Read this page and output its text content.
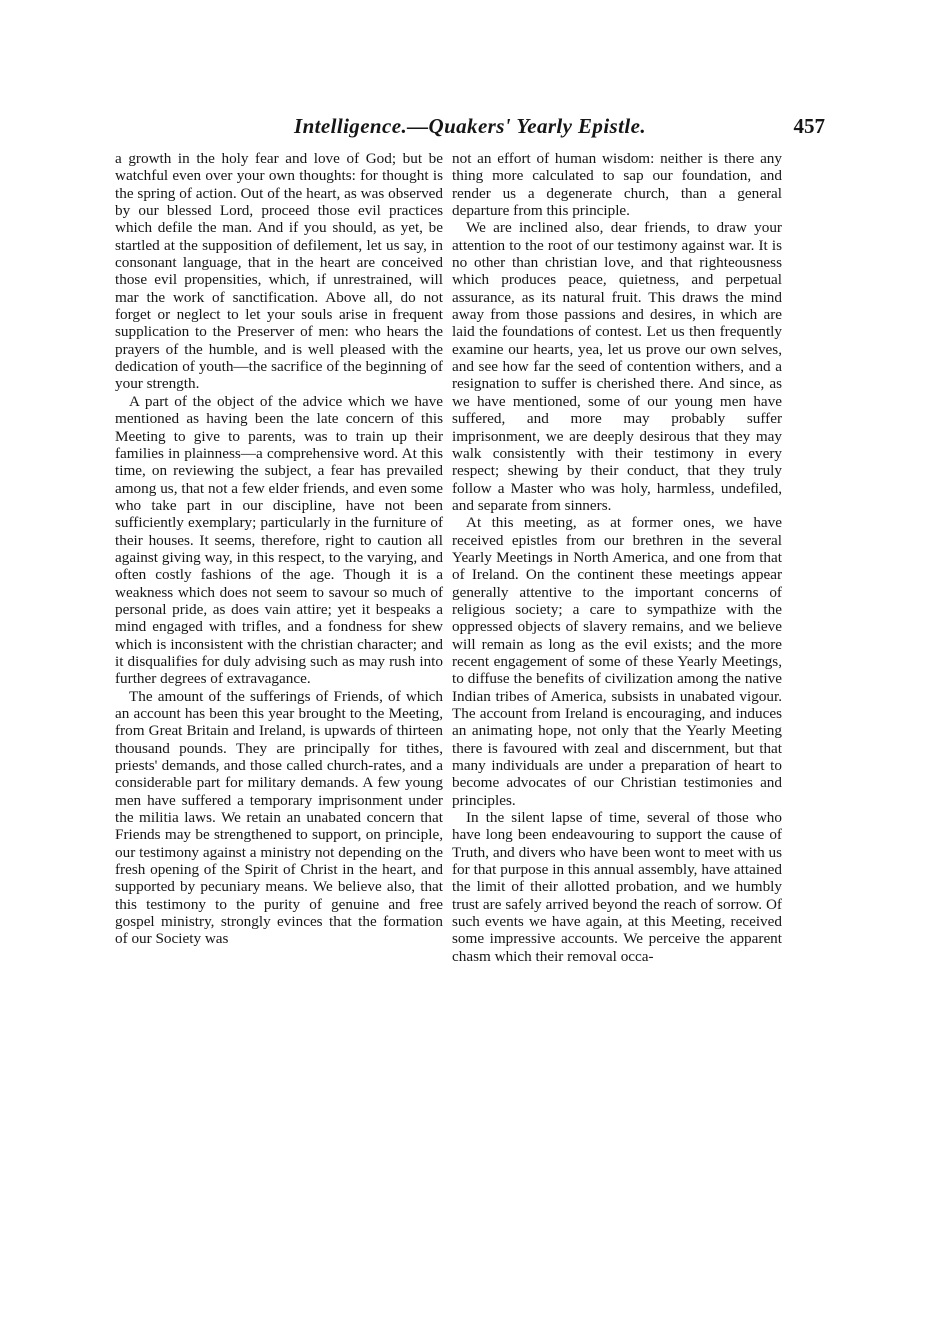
Intelligence.—Quakers' Yearly Epistle.	457

a growth in the holy fear and love of God; but be watchful even over your own thoughts: for thought is the spring of action. Out of the heart, as was observed by our blessed Lord, proceed those evil practices which defile the man. And if you should, as yet, be startled at the supposition of defilement, let us say, in consonant language, that in the heart are conceived those evil propensities, which, if unrestrained, will mar the work of sanctification. Above all, do not forget or neglect to let your souls arise in frequent supplication to the Preserver of men: who hears the prayers of the humble, and is well pleased with the dedication of youth—the sacrifice of the beginning of your strength.

A part of the object of the advice which we have mentioned as having been the late concern of this Meeting to give to parents, was to train up their families in plainness—a comprehensive word. At this time, on reviewing the subject, a fear has prevailed among us, that not a few elder friends, and even some who take part in our discipline, have not been sufficiently exemplary; particularly in the furniture of their houses. It seems, therefore, right to caution all against giving way, in this respect, to the varying, and often costly fashions of the age. Though it is a weakness which does not seem to savour so much of personal pride, as does vain attire; yet it bespeaks a mind engaged with trifles, and a fondness for shew which is inconsistent with the christian character; and it disqualifies for duly advising such as may rush into further degrees of extravagance.

The amount of the sufferings of Friends, of which an account has been this year brought to the Meeting, from Great Britain and Ireland, is upwards of thirteen thousand pounds. They are principally for tithes, priests' demands, and those called church-rates, and a considerable part for military demands. A few young men have suffered a temporary imprisonment under the militia laws. We retain an unabated concern that Friends may be strengthened to support, on principle, our testimony against a ministry not depending on the fresh opening of the Spirit of Christ in the heart, and supported by pecuniary means. We believe also, that this testimony to the purity of genuine and free gospel ministry, strongly evinces that the formation of our Society was

not an effort of human wisdom: neither is there any thing more calculated to sap our foundation, and render us a degenerate church, than a general departure from this principle.

We are inclined also, dear friends, to draw your attention to the root of our testimony against war. It is no other than christian love, and that righteousness which produces peace, quietness, and perpetual assurance, as its natural fruit. This draws the mind away from those passions and desires, in which are laid the foundations of contest. Let us then frequently examine our hearts, yea, let us prove our own selves, and see how far the seed of contention withers, and a resignation to suffer is cherished there. And since, as we have mentioned, some of our young men have suffered, and more may probably suffer imprisonment, we are deeply desirous that they may walk consistently with their testimony in every respect; shewing by their conduct, that they truly follow a Master who was holy, harmless, undefiled, and separate from sinners.

At this meeting, as at former ones, we have received epistles from our brethren in the several Yearly Meetings in North America, and one from that of Ireland. On the continent these meetings appear generally attentive to the important concerns of religious society; a care to sympathize with the oppressed objects of slavery remains, and we believe will remain as long as the evil exists; and the more recent engagement of some of these Yearly Meetings, to diffuse the benefits of civilization among the native Indian tribes of America, subsists in unabated vigour. The account from Ireland is encouraging, and induces an animating hope, not only that the Yearly Meeting there is favoured with zeal and discernment, but that many individuals are under a preparation of heart to become advocates of our Christian testimonies and principles.

In the silent lapse of time, several of those who have long been endeavouring to support the cause of Truth, and divers who have been wont to meet with us for that purpose in this annual assembly, have attained the limit of their allotted probation, and we humbly trust are safely arrived beyond the reach of sorrow. Of such events we have again, at this Meeting, received some impressive accounts. We perceive the apparent chasm which their removal occa-
